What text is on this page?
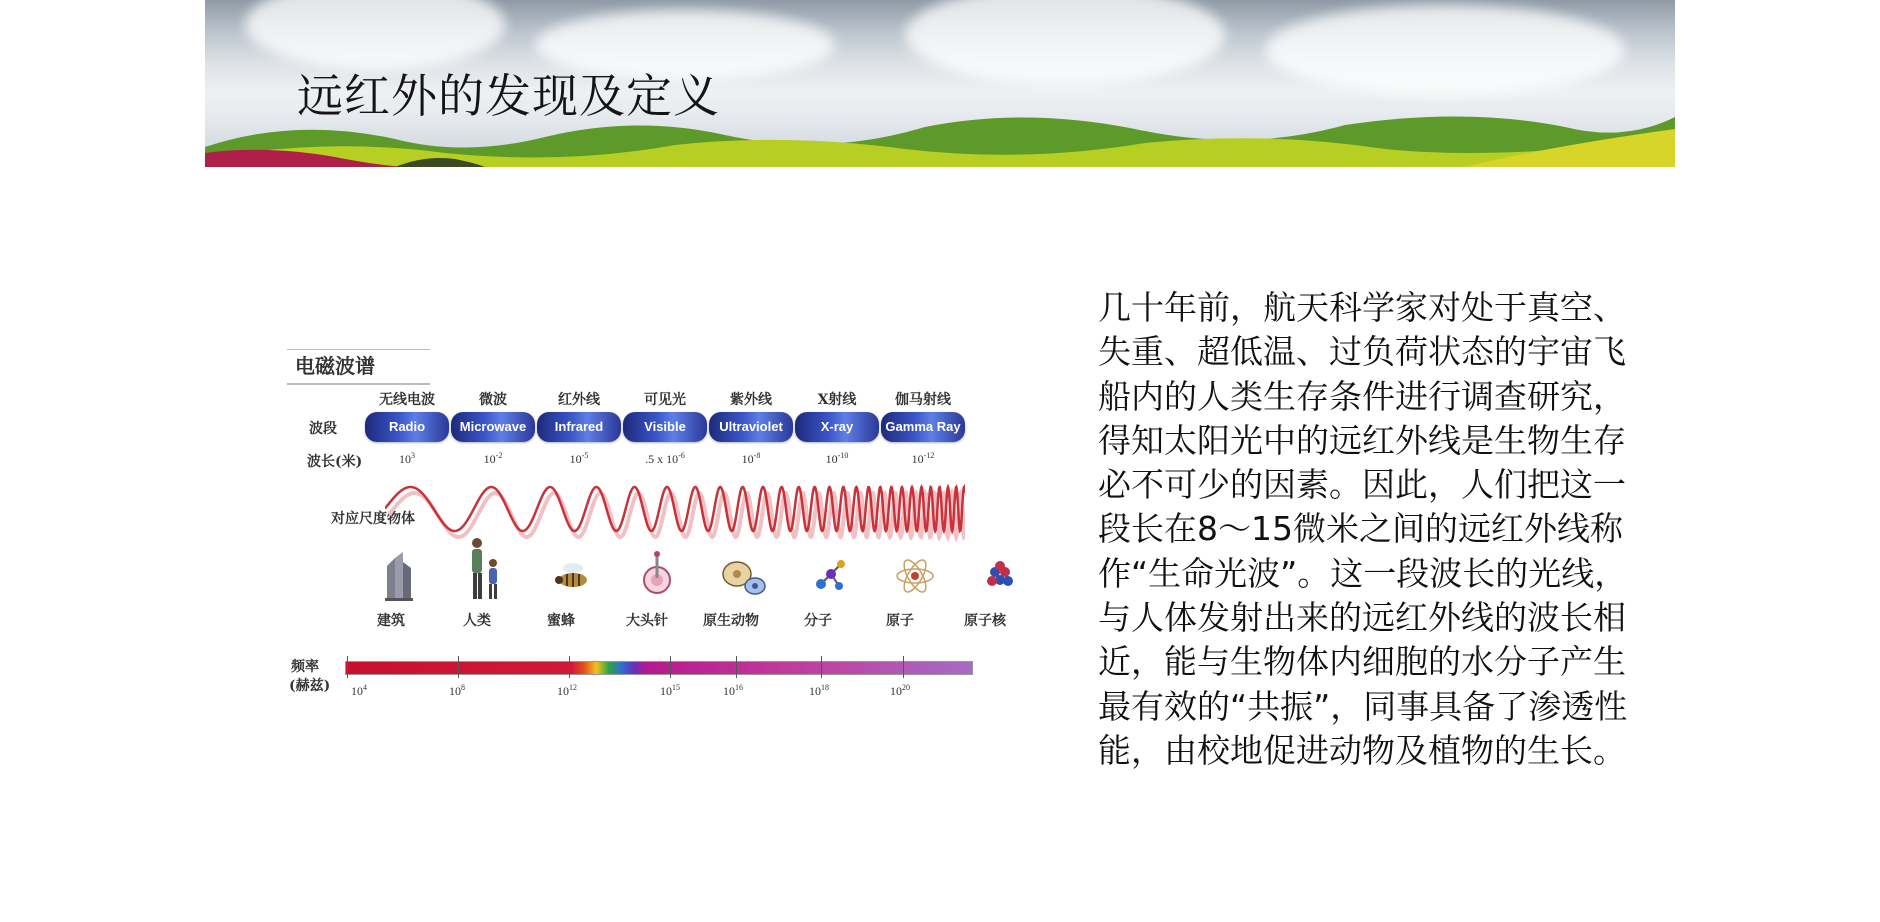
远红外的发现及定义
电磁波谱
波段
波长(米)
对应尺度物体
频率
(赫兹)
无线电波	微波	红外线	可见光	紫外线	X射线	伽马射线
Radio	Microwave	Infrared	Visible	Ultraviolet	X-ray	Gamma Ray
$10^3$	$10^{-2}$	$10^{-5}$	.5 x $10^{-6}$	$10^{-8}$	$10^{-10}$	$10^{-12}$
建筑	人类	蜜蜂	大头针	原生动物	分子	原子	原子核
$10^4$	$10^8$	$10^{12}$	$10^{15}$	$10^{16}$	$10^{18}$	$10^{20}$
几十年前，航天科学家对处于真空、失重、超低温、过负荷状态的宇宙飞船内的人类生存条件进行调查研究，得知太阳光中的远红外线是生物生存必不可少的因素。因此，人们把这一段长在8～15微米之间的远红外线称作“生命光波”。这一段波长的光线，与人体发射出来的远红外线的波长相近，能与生物体内细胞的水分子产生最有效的“共振”，同事具备了渗透性能，由校地促进动物及植物的生长。
